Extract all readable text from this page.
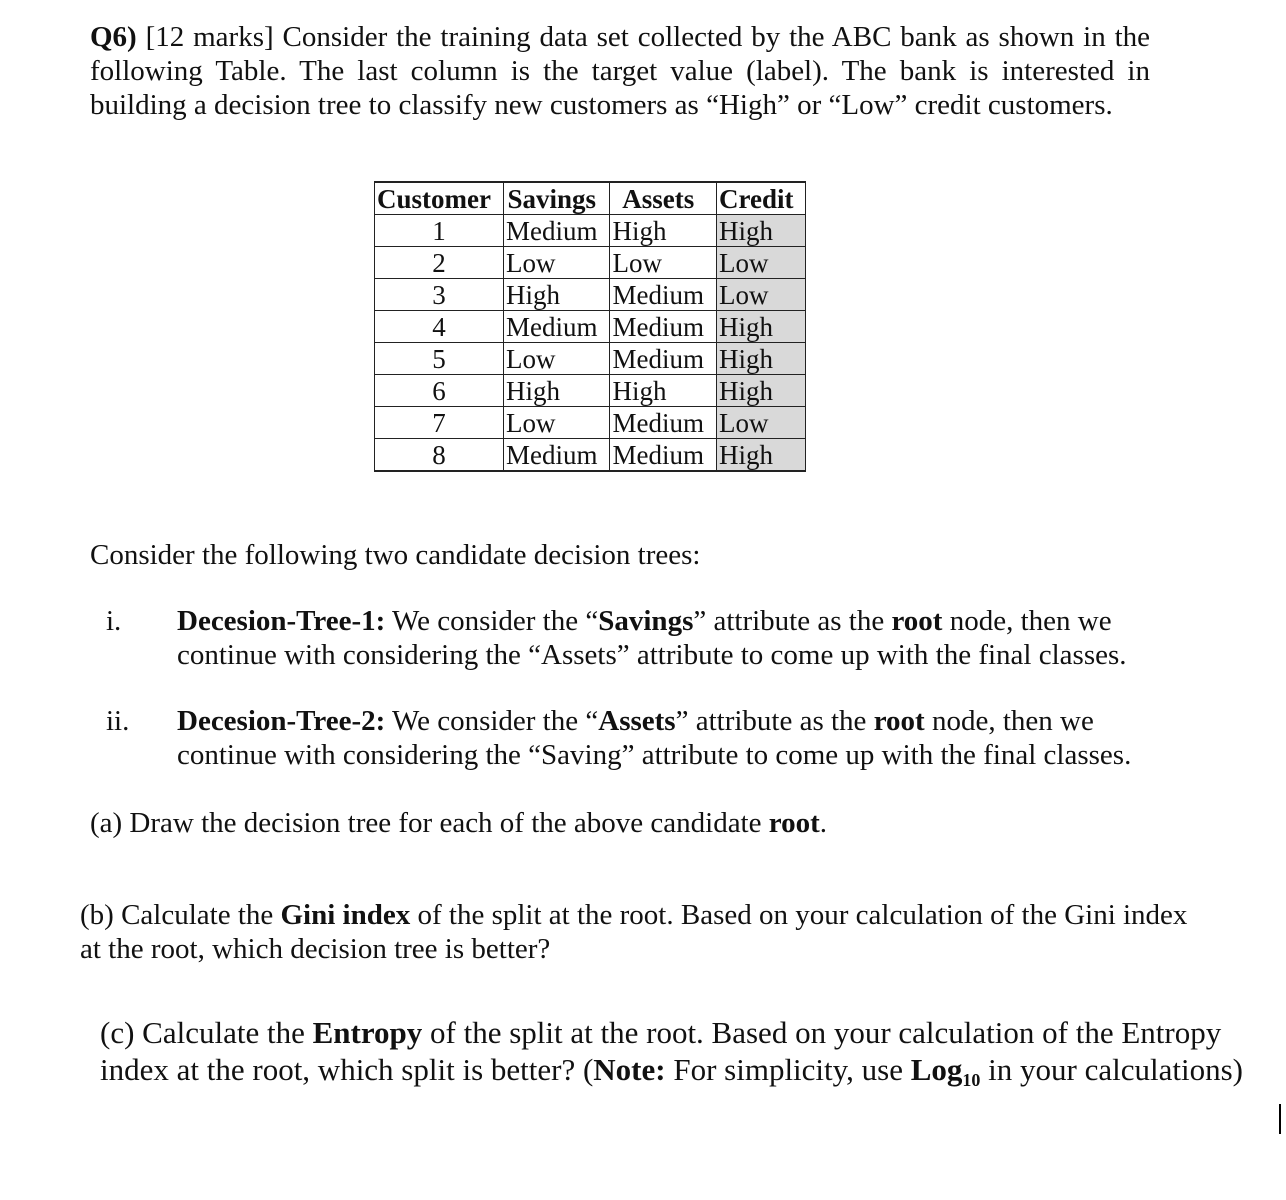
Q6) [12 marks] Consider the training data set collected by the ABC bank as shown in the following Table. The last column is the target value (label). The bank is interested in building a decision tree to classify new customers as “High” or “Low” credit customers.
Customer	Savings	Assets	Credit
1	Medium	High	High
2	Low	Low	Low
3	High	Medium	Low
4	Medium	Medium	High
5	Low	Medium	High
6	High	High	High
7	Low	Medium	Low
8	Medium	Medium	High
Consider the following two candidate decision trees:
i.	Decesion-Tree-1: We consider the “Savings” attribute as the root node, then we continue with considering the “Assets” attribute to come up with the final classes.
ii.	Decesion-Tree-2: We consider the “Assets” attribute as the root node, then we continue with considering the “Saving” attribute to come up with the final classes.
(a) Draw the decision tree for each of the above candidate root.
(b) Calculate the Gini index of the split at the root. Based on your calculation of the Gini index at the root, which decision tree is better?
(c) Calculate the Entropy of the split at the root. Based on your calculation of the Entropy index at the root, which split is better? (Note: For simplicity, use Log$_{10}$ in your calculations)
